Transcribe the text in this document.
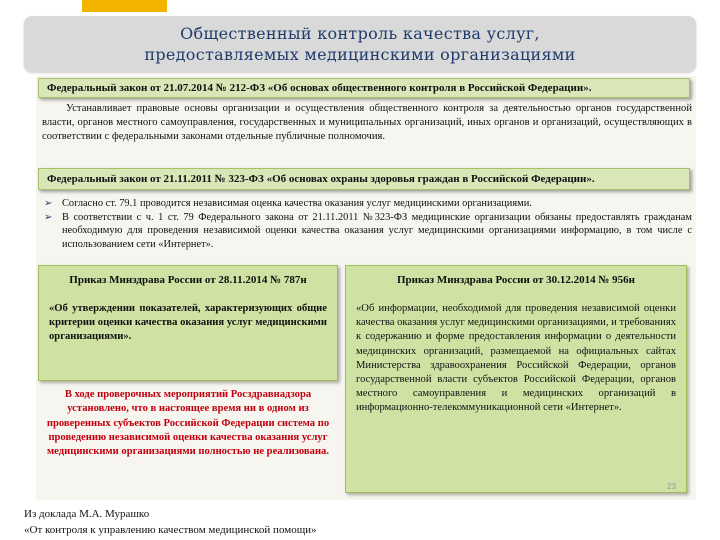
Общественный контроль качества услуг,
предоставляемых медицинскими организациями
Федеральный закон от 21.07.2014 № 212-ФЗ «Об основах общественного контроля в Российской Федерации».
Устанавливает правовые основы организации и осуществления общественного контроля за деятельностью органов государственной власти, органов местного самоуправления, государственных и муниципальных организаций, иных органов и организаций, осуществляющих в соответствии с федеральными законами отдельные публичные полномочия.
Федеральный закон от 21.11.2011 № 323-ФЗ «Об основах охраны здоровья граждан в Российской Федерации».
➢ Согласно ст. 79.1 проводится независимая оценка качества оказания услуг медицинскими организациями.
➢ В соответствии с ч. 1 ст. 79 Федерального закона от 21.11.2011 №323-ФЗ медицинские организации обязаны предоставлять гражданам необходимую для проведения независимой оценки качества оказания услуг медицинскими организациями информацию, в том числе с использованием сети «Интернет».
Приказ Минздрава России от 28.11.2014 № 787н

«Об утверждении показателей, характеризующих общие критерии оценки качества оказания услуг медицинскими организациями».

Приказ Минздрава России от 30.12.2014 № 956н

«Об информации, необходимой для проведения независимой оценки качества оказания услуг медицинскими организациями, и требованиях к содержанию и форме предоставления информации о деятельности медицинских организаций, размещаемой на официальных сайтах Министерства здравоохранения Российской Федерации, органов государственной власти субъектов Российской Федерации, органов местного самоуправления и медицинских организаций в информационно-телекоммуникационной сети «Интернет».

В ходе проверочных мероприятий Росздравнадзора установлено, что в настоящее время ни в одном из проверенных субъектов Российской Федерации система по проведению независимой оценки качества оказания услуг медицинскими организациями полностью не реализована.
23
Из доклада М.А. Мурашко
«От контроля к управлению качеством медицинской помощи»
